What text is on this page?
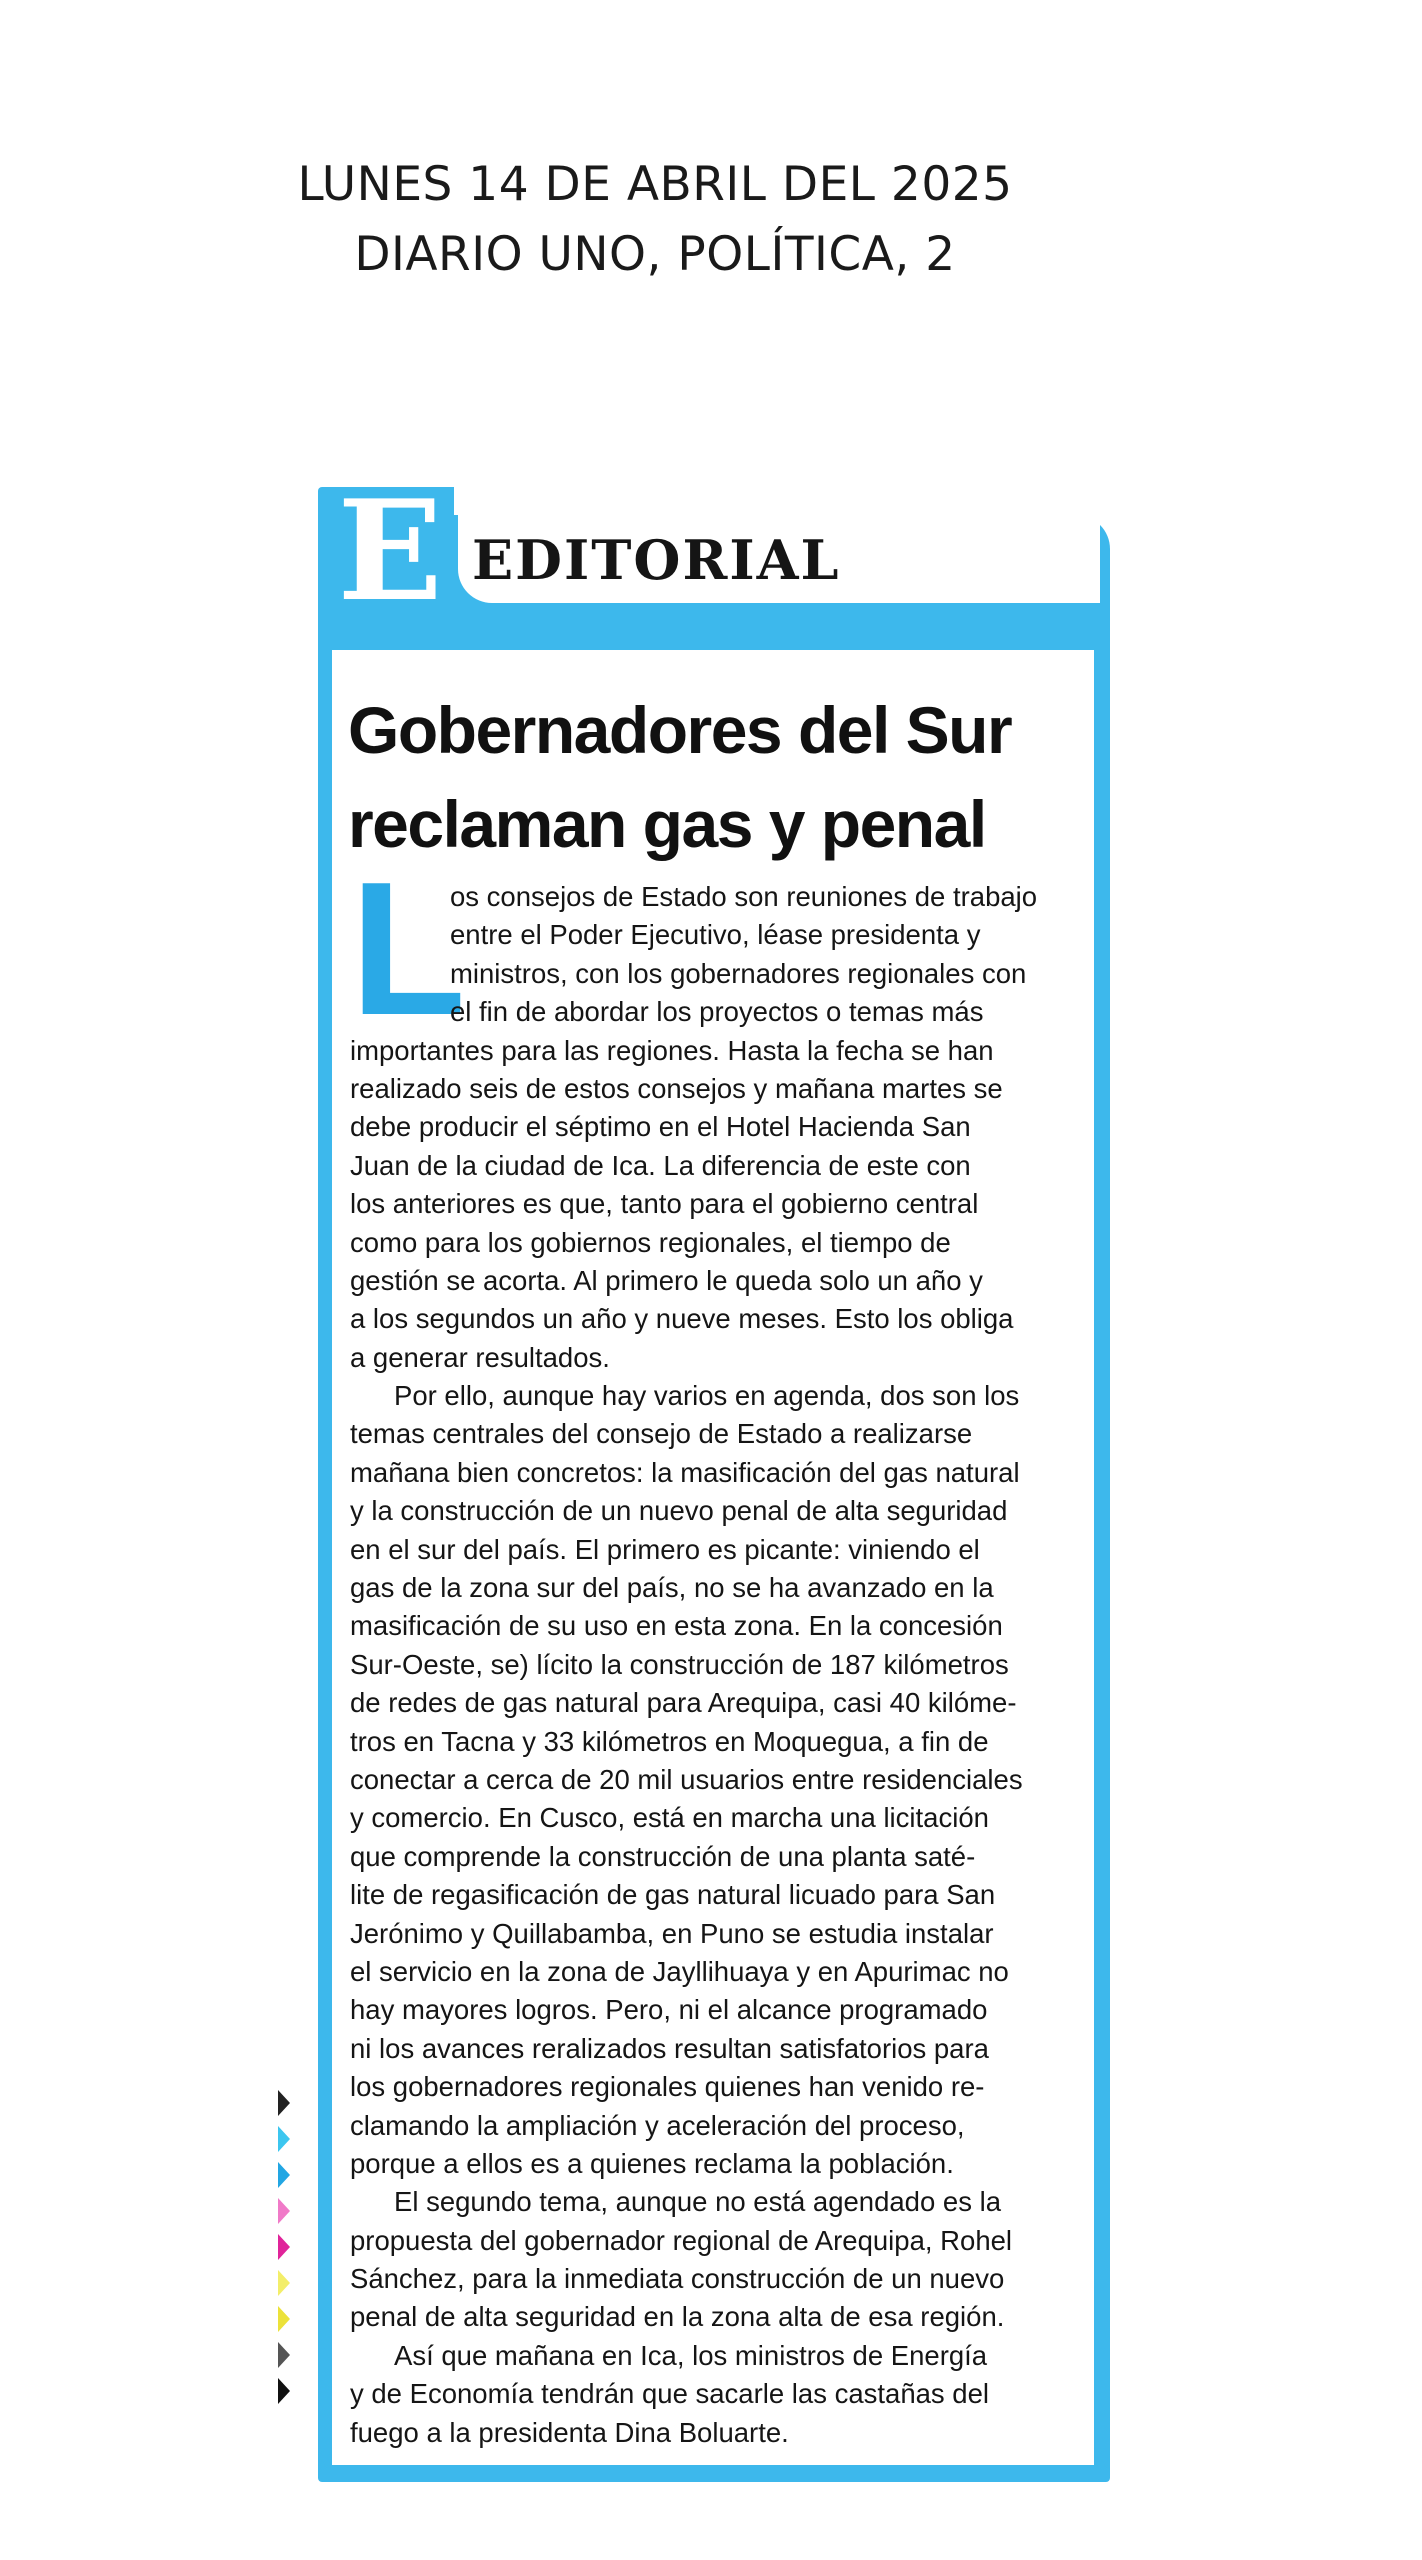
LUNES 14 DE ABRIL DEL 2025
DIARIO UNO, POLÍTICA, 2
E EDITORIAL
Gobernadores del Sur
reclaman gas y penal
L
os consejos de Estado son reuniones de trabajo
entre el Poder Ejecutivo, léase presidenta y
ministros, con los gobernadores regionales con
el fin de abordar los proyectos o temas más
importantes para las regiones. Hasta la fecha se han
realizado seis de estos consejos y mañana martes se
debe producir el séptimo en el Hotel Hacienda San
Juan de la ciudad de Ica. La diferencia de este con
los anteriores es que, tanto para el gobierno central
como para los gobiernos regionales, el tiempo de
gestión se acorta. Al primero le queda solo un año y
a los segundos un año y nueve meses. Esto los obliga
a generar resultados.
Por ello, aunque hay varios en agenda, dos son los
temas centrales del consejo de Estado a realizarse
mañana bien concretos: la masificación del gas natural
y la construcción de un nuevo penal de alta seguridad
en el sur del país. El primero es picante: viniendo el
gas de la zona sur del país, no se ha avanzado en la
masificación de su uso en esta zona. En la concesión
Sur-Oeste, se) lícito la construcción de 187 kilómetros
de redes de gas natural para Arequipa, casi 40 kilóme-
tros en Tacna y 33 kilómetros en Moquegua, a fin de
conectar a cerca de 20 mil usuarios entre residenciales
y comercio. En Cusco, está en marcha una licitación
que comprende la construcción de una planta saté-
lite de regasificación de gas natural licuado para San
Jerónimo y Quillabamba, en Puno se estudia instalar
el servicio en la zona de Jayllihuaya y en Apurimac no
hay mayores logros. Pero, ni el alcance programado
ni los avances reralizados resultan satisfatorios para
los gobernadores regionales quienes han venido re-
clamando la ampliación y aceleración del proceso,
porque a ellos es a quienes reclama la población.
El segundo tema, aunque no está agendado es la
propuesta del gobernador regional de Arequipa, Rohel
Sánchez, para la inmediata construcción de un nuevo
penal de alta seguridad en la zona alta de esa región.
Así que mañana en Ica, los ministros de Energía
y de Economía tendrán que sacarle las castañas del
fuego a la presidenta Dina Boluarte.
